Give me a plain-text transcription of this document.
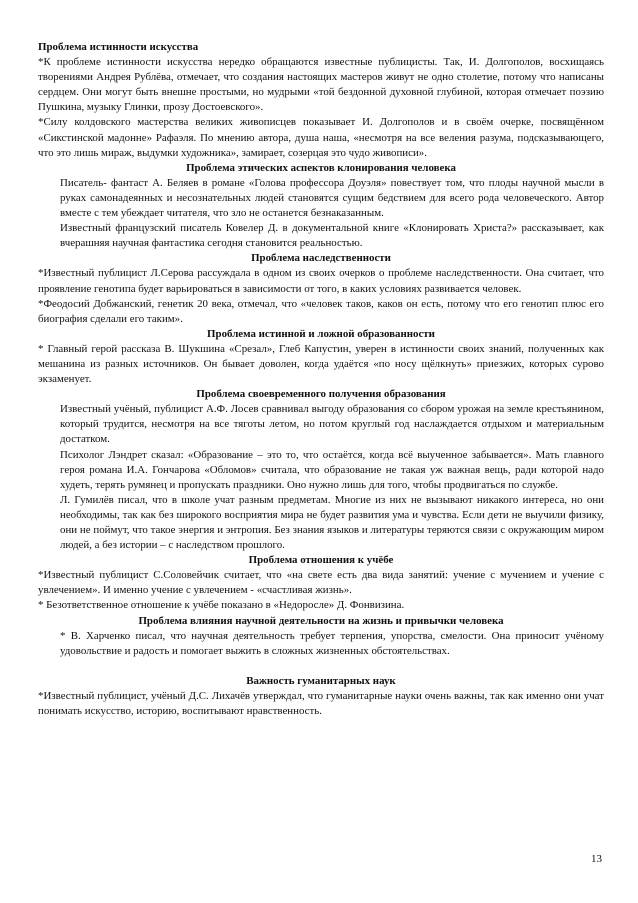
Проблема истинности искусства

*К проблеме истинности искусства нередко обращаются известные публицисты. Так, И. Долгополов, восхищаясь творениями Андрея Рублёва, отмечает, что создания настоящих мастеров живут не одно столетие, потому что написаны сердцем. Они могут быть внешне простыми, но мудрыми «той бездонной духовной глубиной, которая отмечает поэзию Пушкина, музыку Глинки, прозу Достоевского».

*Силу колдовского мастерства великих живописцев показывает И. Долгополов и в своём очерке, посвящённом «Сикстинской мадонне» Рафаэля. По мнению автора, душа наша, «несмотря на все веления разума, подсказывающего, что это лишь мираж, выдумки художника», замирает, созерцая это чудо живописи».

Проблема этических аспектов клонирования человека

Писатель- фантаст А. Беляев в романе «Голова профессора Доуэля» повествует том, что плоды научной мысли в руках самонадеянных и несознательных людей становятся сущим бедствием для всего рода человеческого. Автор вместе с тем убеждает читателя, что зло не останется безнаказанным.

Известный французский писатель Ковелер Д. в документальной книге «Клонировать Христа?» рассказывает, как вчерашняя научная фантастика сегодня становится реальностью.

Проблема наследственности

*Известный публицист Л.Серова рассуждала в одном из своих очерков о проблеме наследственности. Она считает, что проявление генотипа будет варьироваться в зависимости от того, в каких условиях развивается человек.

*Феодосий Добжанский, генетик 20 века, отмечал, что «человек таков, каков он есть, потому что его генотип плюс его биография сделали его таким».

Проблема истинной и ложной образованности

* Главный герой рассказа В. Шукшина «Срезал», Глеб Капустин, уверен в истинности своих знаний, полученных как мешанина из разных источников. Он бывает доволен, когда удаётся «по носу щёлкнуть» приезжих, которых сурово экзаменует.

Проблема своевременного получения образования

Известный учёный, публицист А.Ф. Лосев сравнивал выгоду образования со сбором урожая на земле крестьянином, который трудится, несмотря на все тяготы летом, но потом круглый год наслаждается отдыхом и материальным достатком.

Психолог Лэндрет сказал: «Образование – это то, что остаётся, когда всё выученное забывается». Мать главного героя романа И.А. Гончарова «Обломов» считала, что образование не такая уж важная вещь, ради которой надо худеть, терять румянец и пропускать праздники. Оно нужно лишь для того, чтобы продвигаться по службе.

Л. Гумилёв писал, что в школе учат разным предметам. Многие из них не вызывают никакого интереса, но они необходимы, так как без широкого восприятия мира не будет развития ума и чувства. Если дети не выучили физику, они не поймут, что такое энергия и энтропия. Без знания языков и литературы теряются связи с окружающим миром людей, а без истории – с наследством прошлого.

Проблема отношения к учёбе

*Известный публицист С.Соловейчик считает, что «на свете есть два вида занятий: учение с мучением и учение с увлечением». И именно учение с увлечением - «счастливая жизнь».

* Безответственное отношение к учёбе показано в «Недоросле» Д. Фонвизина.

Проблема влияния научной деятельности на жизнь и привычки человека

* В. Харченко писал, что научная деятельность требует терпения, упорства, смелости. Она приносит учёному удовольствие и радость и помогает выжить в сложных жизненных обстоятельствах.

Важность гуманитарных наук

*Известный публицист, учёный Д.С. Лихачёв утверждал, что гуманитарные науки очень важны, так как именно они учат понимать искусство, историю, воспитывают нравственность.

13
